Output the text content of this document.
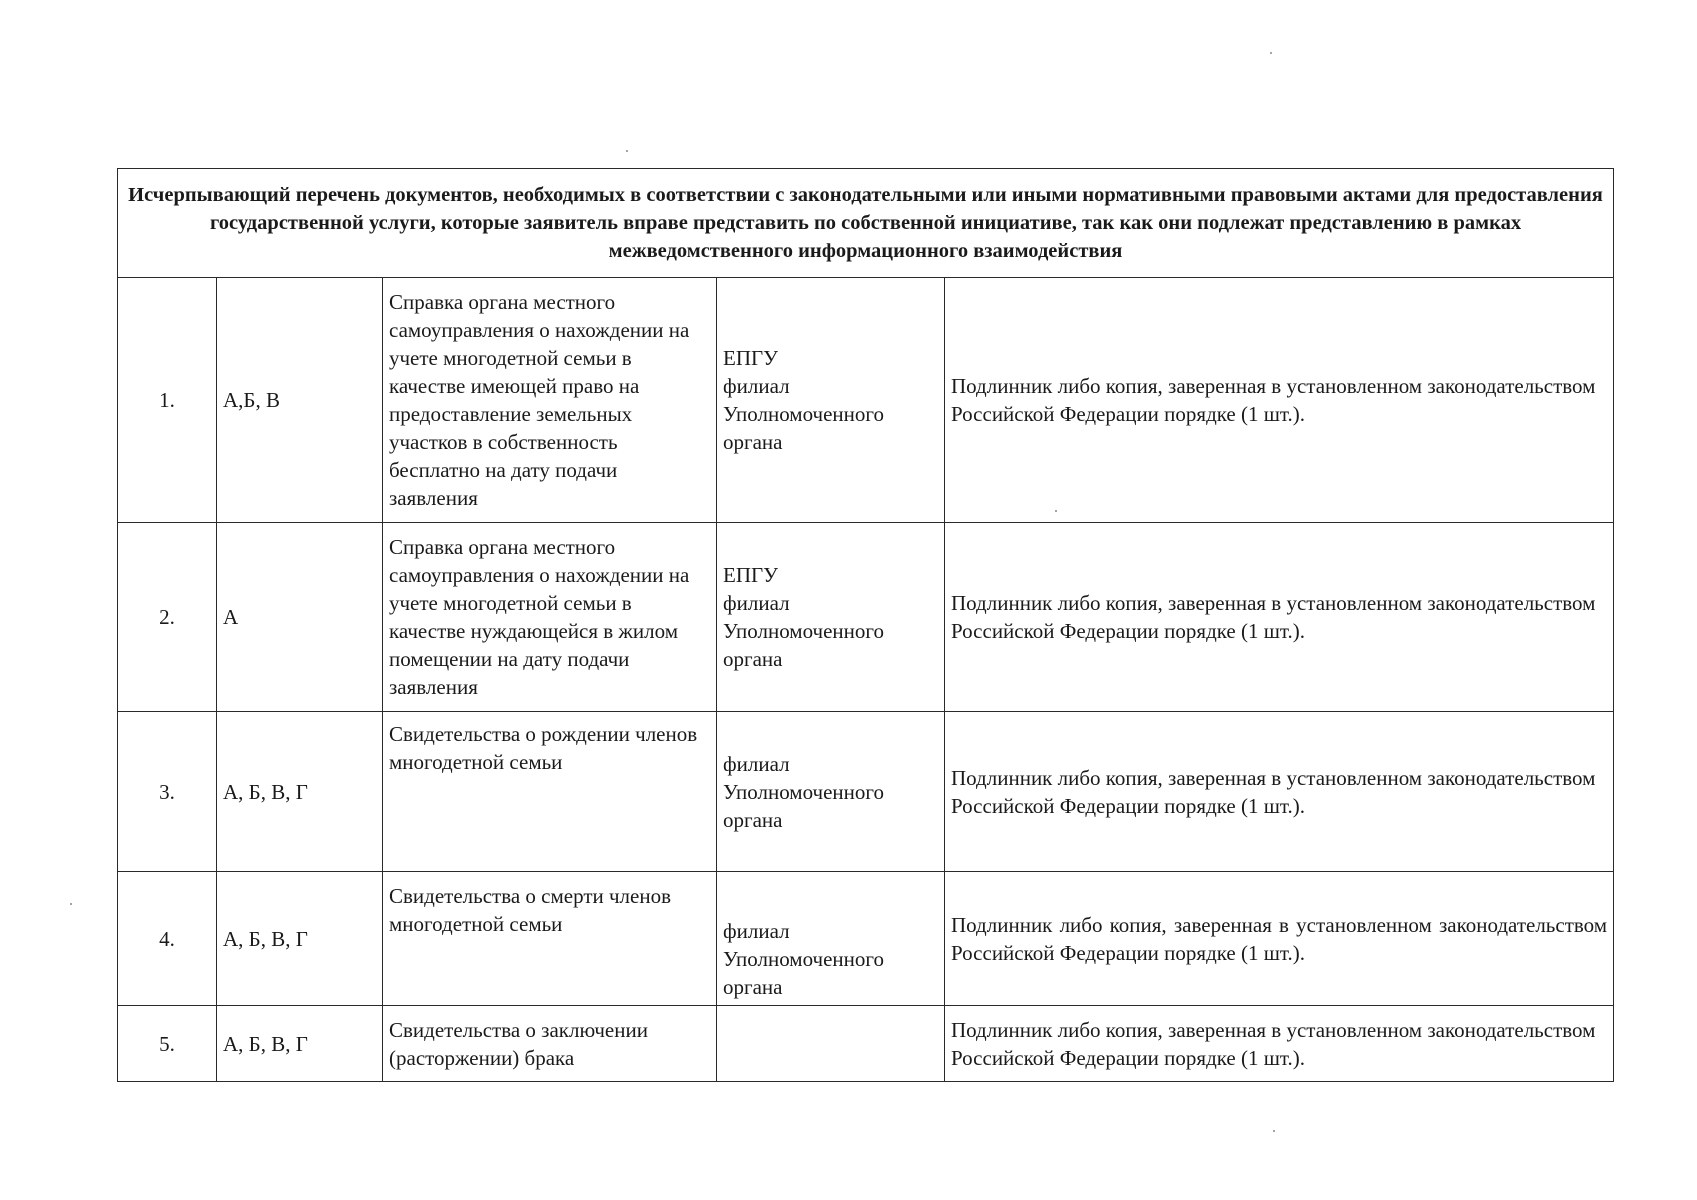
Исчерпывающий перечень документов, необходимых в соответствии с законодательными или иными нормативными правовыми актами для предоставления государственной услуги, которые заявитель вправе представить по собственной инициативе, так как они подлежат представлению в рамках межведомственного информационного взаимодействия				

1.	А,Б, В	Справка органа местного самоуправления о нахождении на учете многодетной семьи в качестве имеющей право на предоставление земельных участков в собственность бесплатно на дату подачи заявления	ЕПГУ
филиал
Уполномоченного
органа	Подлинник либо копия, заверенная в установленном законодательством Российской Федерации порядке (1 шт.).

2.	А	Справка органа местного самоуправления о нахождении на учете многодетной семьи в качестве нуждающейся в жилом помещении на дату подачи заявления	ЕПГУ
филиал
Уполномоченного
органа	Подлинник либо копия, заверенная в установленном законодательством Российской Федерации порядке (1 шт.).

3.	А, Б, В, Г	Свидетельства о рождении членов многодетной семьи	филиал
Уполномоченного
органа	Подлинник либо копия, заверенная в установленном законодательством Российской Федерации порядке (1 шт.).

4.	А, Б, В, Г	Свидетельства о смерти членов многодетной семьи	филиал
Уполномоченного
органа	Подлинник либо копия, заверенная в установленном законодательством Российской Федерации порядке (1 шт.).

5.	А, Б, В, Г	Свидетельства о заключении (расторжении) брака		Подлинник либо копия, заверенная в установленном законодательством Российской Федерации порядке (1 шт.).
